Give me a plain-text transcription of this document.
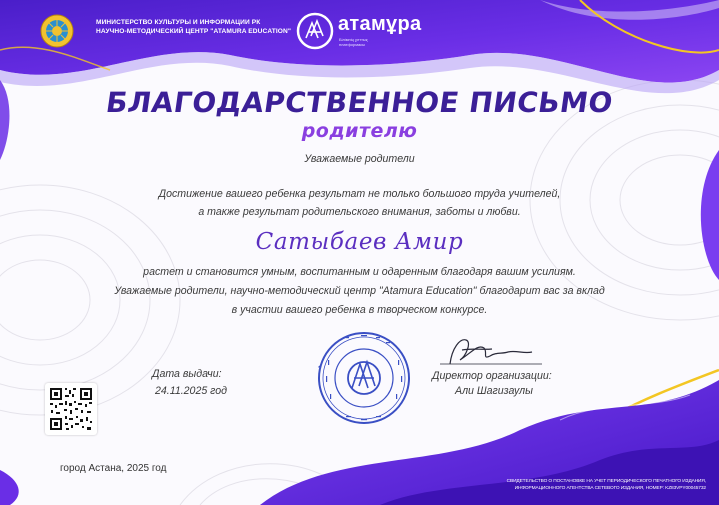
МИНИСТЕРСТВО КУЛЬТУРЫ И ИНФОРМАЦИИ РК
НАУЧНО-МЕТОДИЧЕСКИЙ ЦЕНТР "ATAMURA EDUCATION" атамұра
Білімнің ұлттық платформасы
БЛАГОДАРСТВЕННОЕ ПИСЬМО
родителю
Уважаемые родители
Достижение вашего ребенка результат не только большого труда учителей,
а также результат родительского внимания, заботы и любви.
Сатыбаев Амир
растет и становится умным, воспитанным и одаренным благодаря вашим усилиям.
Уважаемые родители, научно-методический центр "Atamura Education" благодарит вас за вклад
в участии вашего ребенка в творческом конкурсе.
Дата выдачи:
24.11.2025 год
Директор организации:
Али Шагизаулы
город Астана, 2025 год
СВИДЕТЕЛЬСТВО О ПОСТАНОВКЕ НА УЧЕТ ПЕРИОДИЧЕСКОГО ПЕЧАТНОГО ИЗДАНИЯ,
ИНФОРМАЦИОННОГО АГЕНТСТВА СЕТЕВОГО ИЗДАНИЯ, НОМЕР: KZ83VPY00045732
